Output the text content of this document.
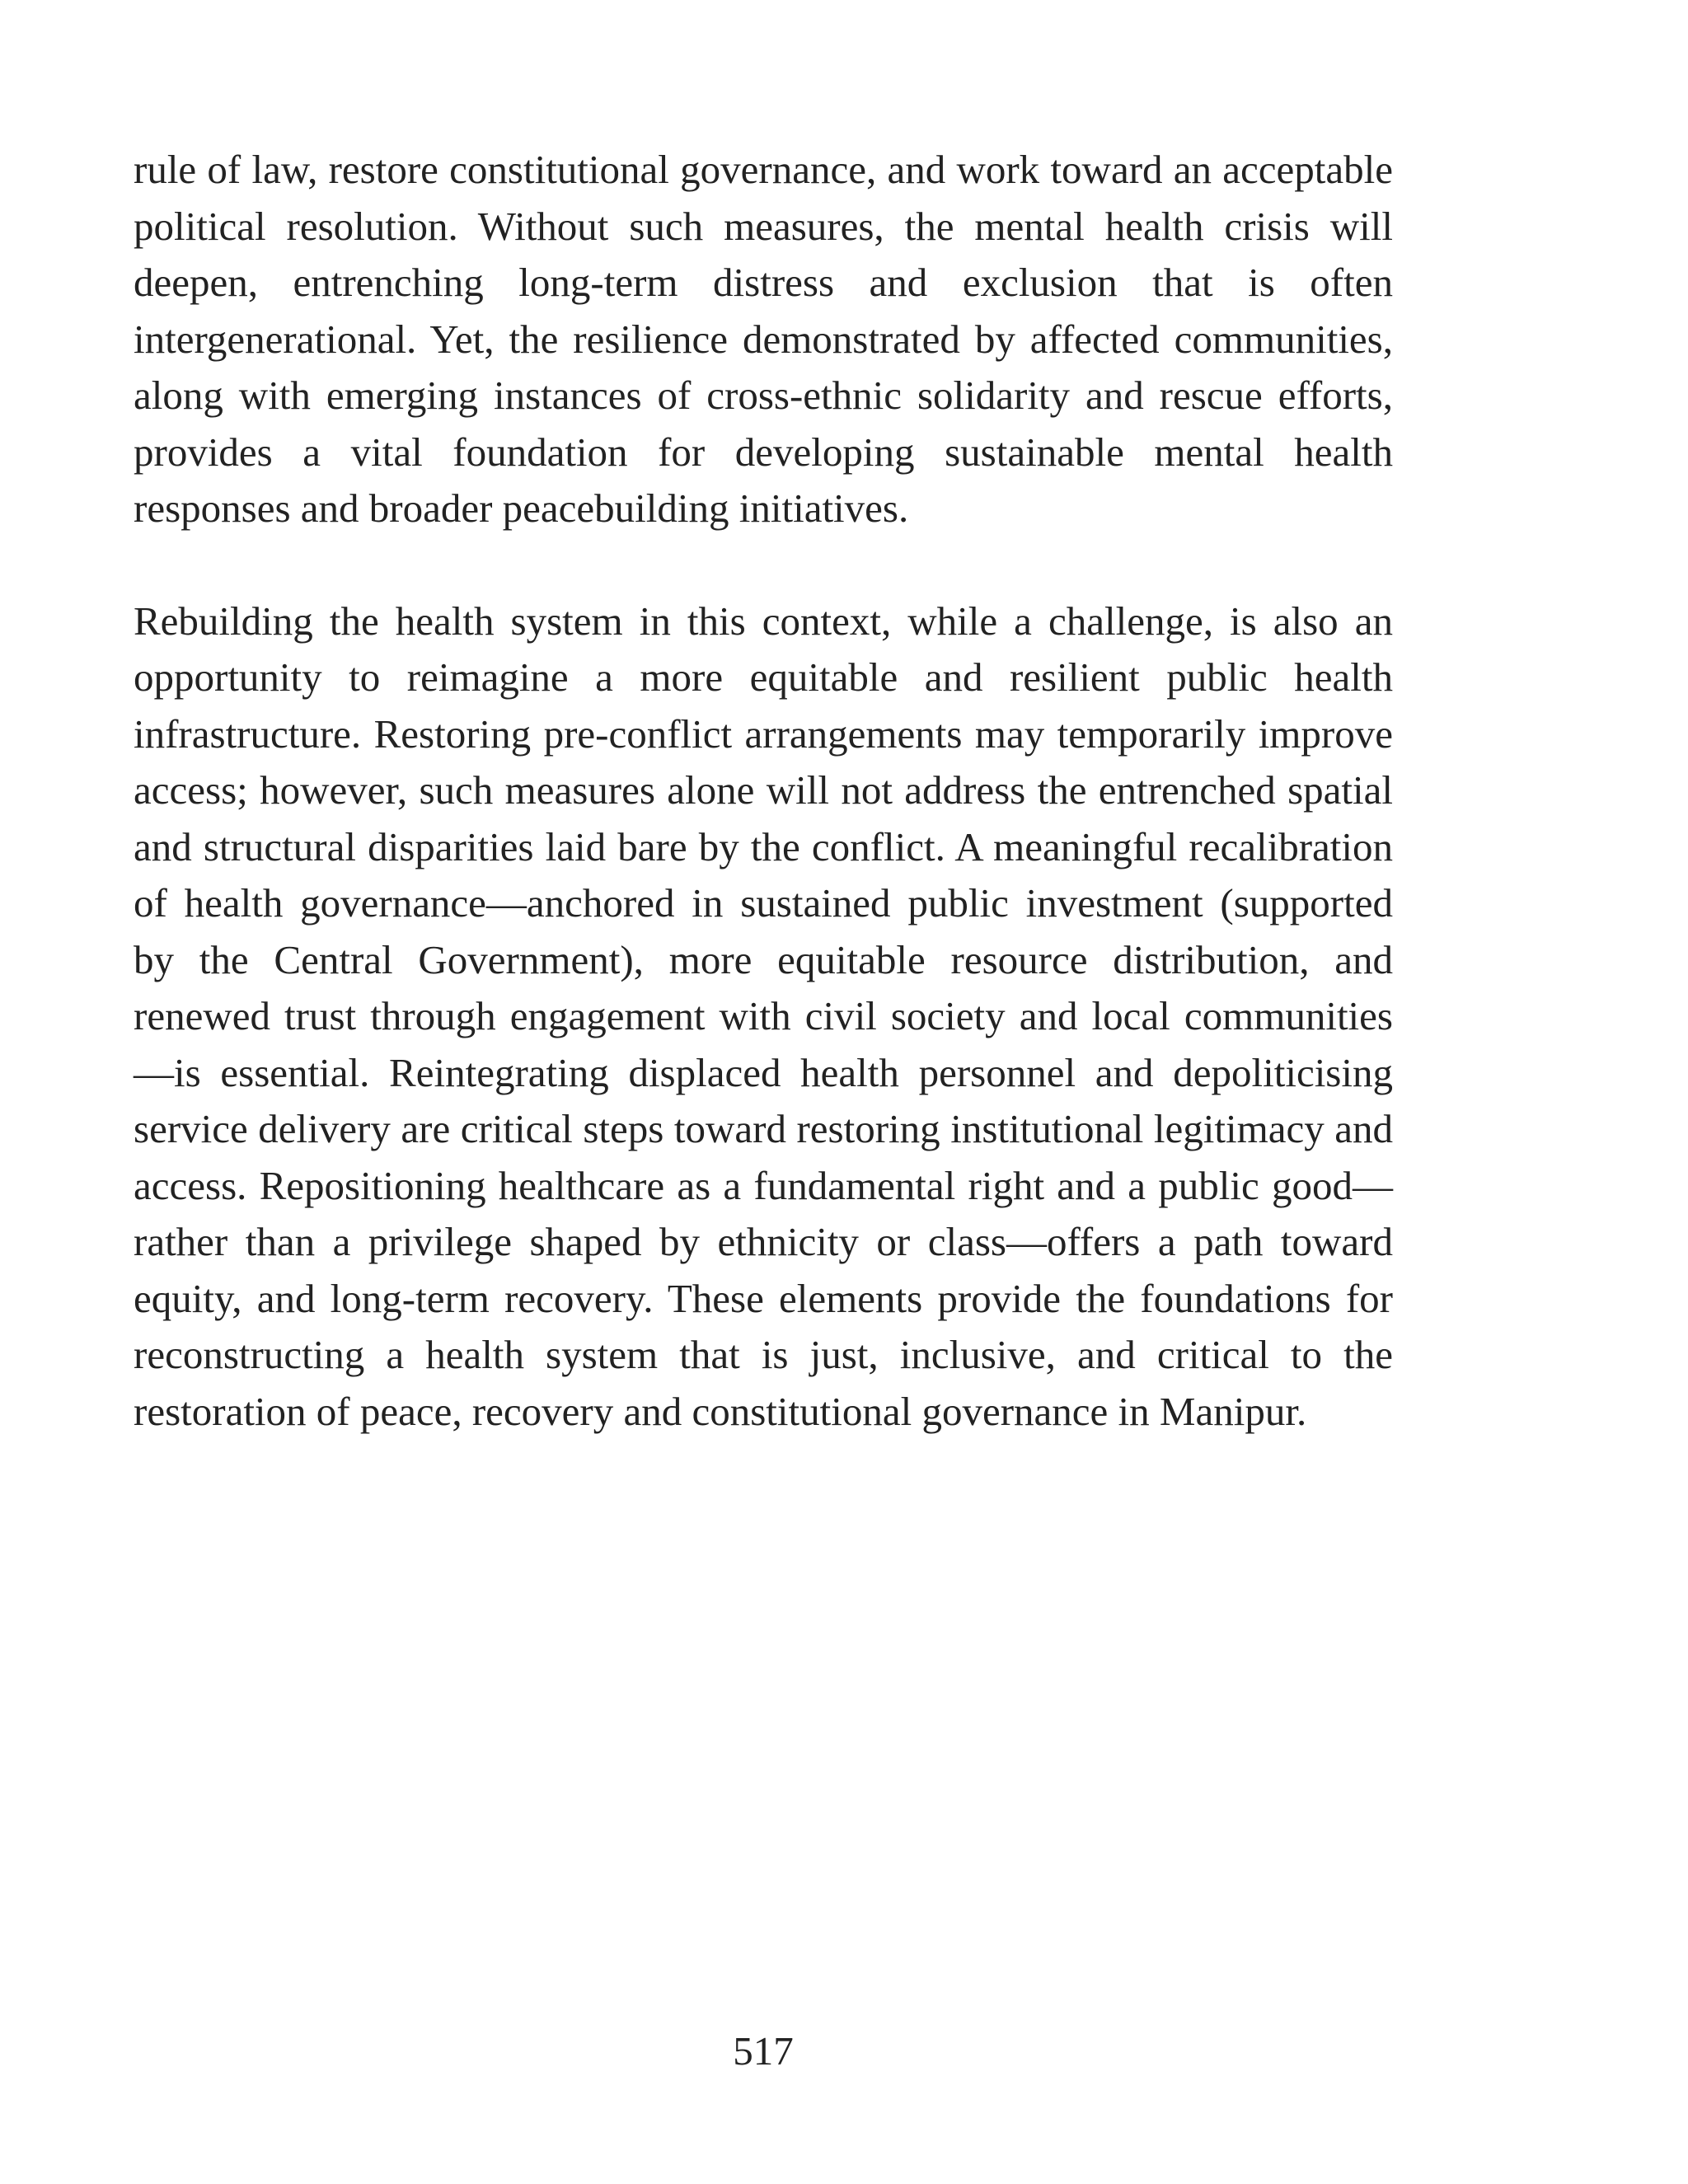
rule of law, restore constitutional governance, and work toward an acceptable political resolution. Without such measures, the mental health crisis will deepen, entrenching long-term distress and exclusion that is often intergenerational. Yet, the resilience demonstrated by affected communities, along with emerging instances of cross-ethnic solidarity and rescue efforts, provides a vital foundation for developing sustainable mental health responses and broader peacebuilding initiatives.

Rebuilding the health system in this context, while a challenge, is also an opportunity to reimagine a more equitable and resilient public health infrastructure. Restoring pre-conflict arrangements may temporarily improve access; however, such measures alone will not address the entrenched spatial and structural disparities laid bare by the conflict. A meaningful recalibration of health governance—anchored in sustained public investment (supported by the Central Government), more equitable resource distribution, and renewed trust through engagement with civil society and local communities—is essential. Reintegrating displaced health personnel and depoliticising service delivery are critical steps toward restoring institutional legitimacy and access. Repositioning healthcare as a fundamental right and a public good—rather than a privilege shaped by ethnicity or class—offers a path toward equity, and long-term recovery. These elements provide the foundations for reconstructing a health system that is just, inclusive, and critical to the restoration of peace, recovery and constitutional governance in Manipur.

517
